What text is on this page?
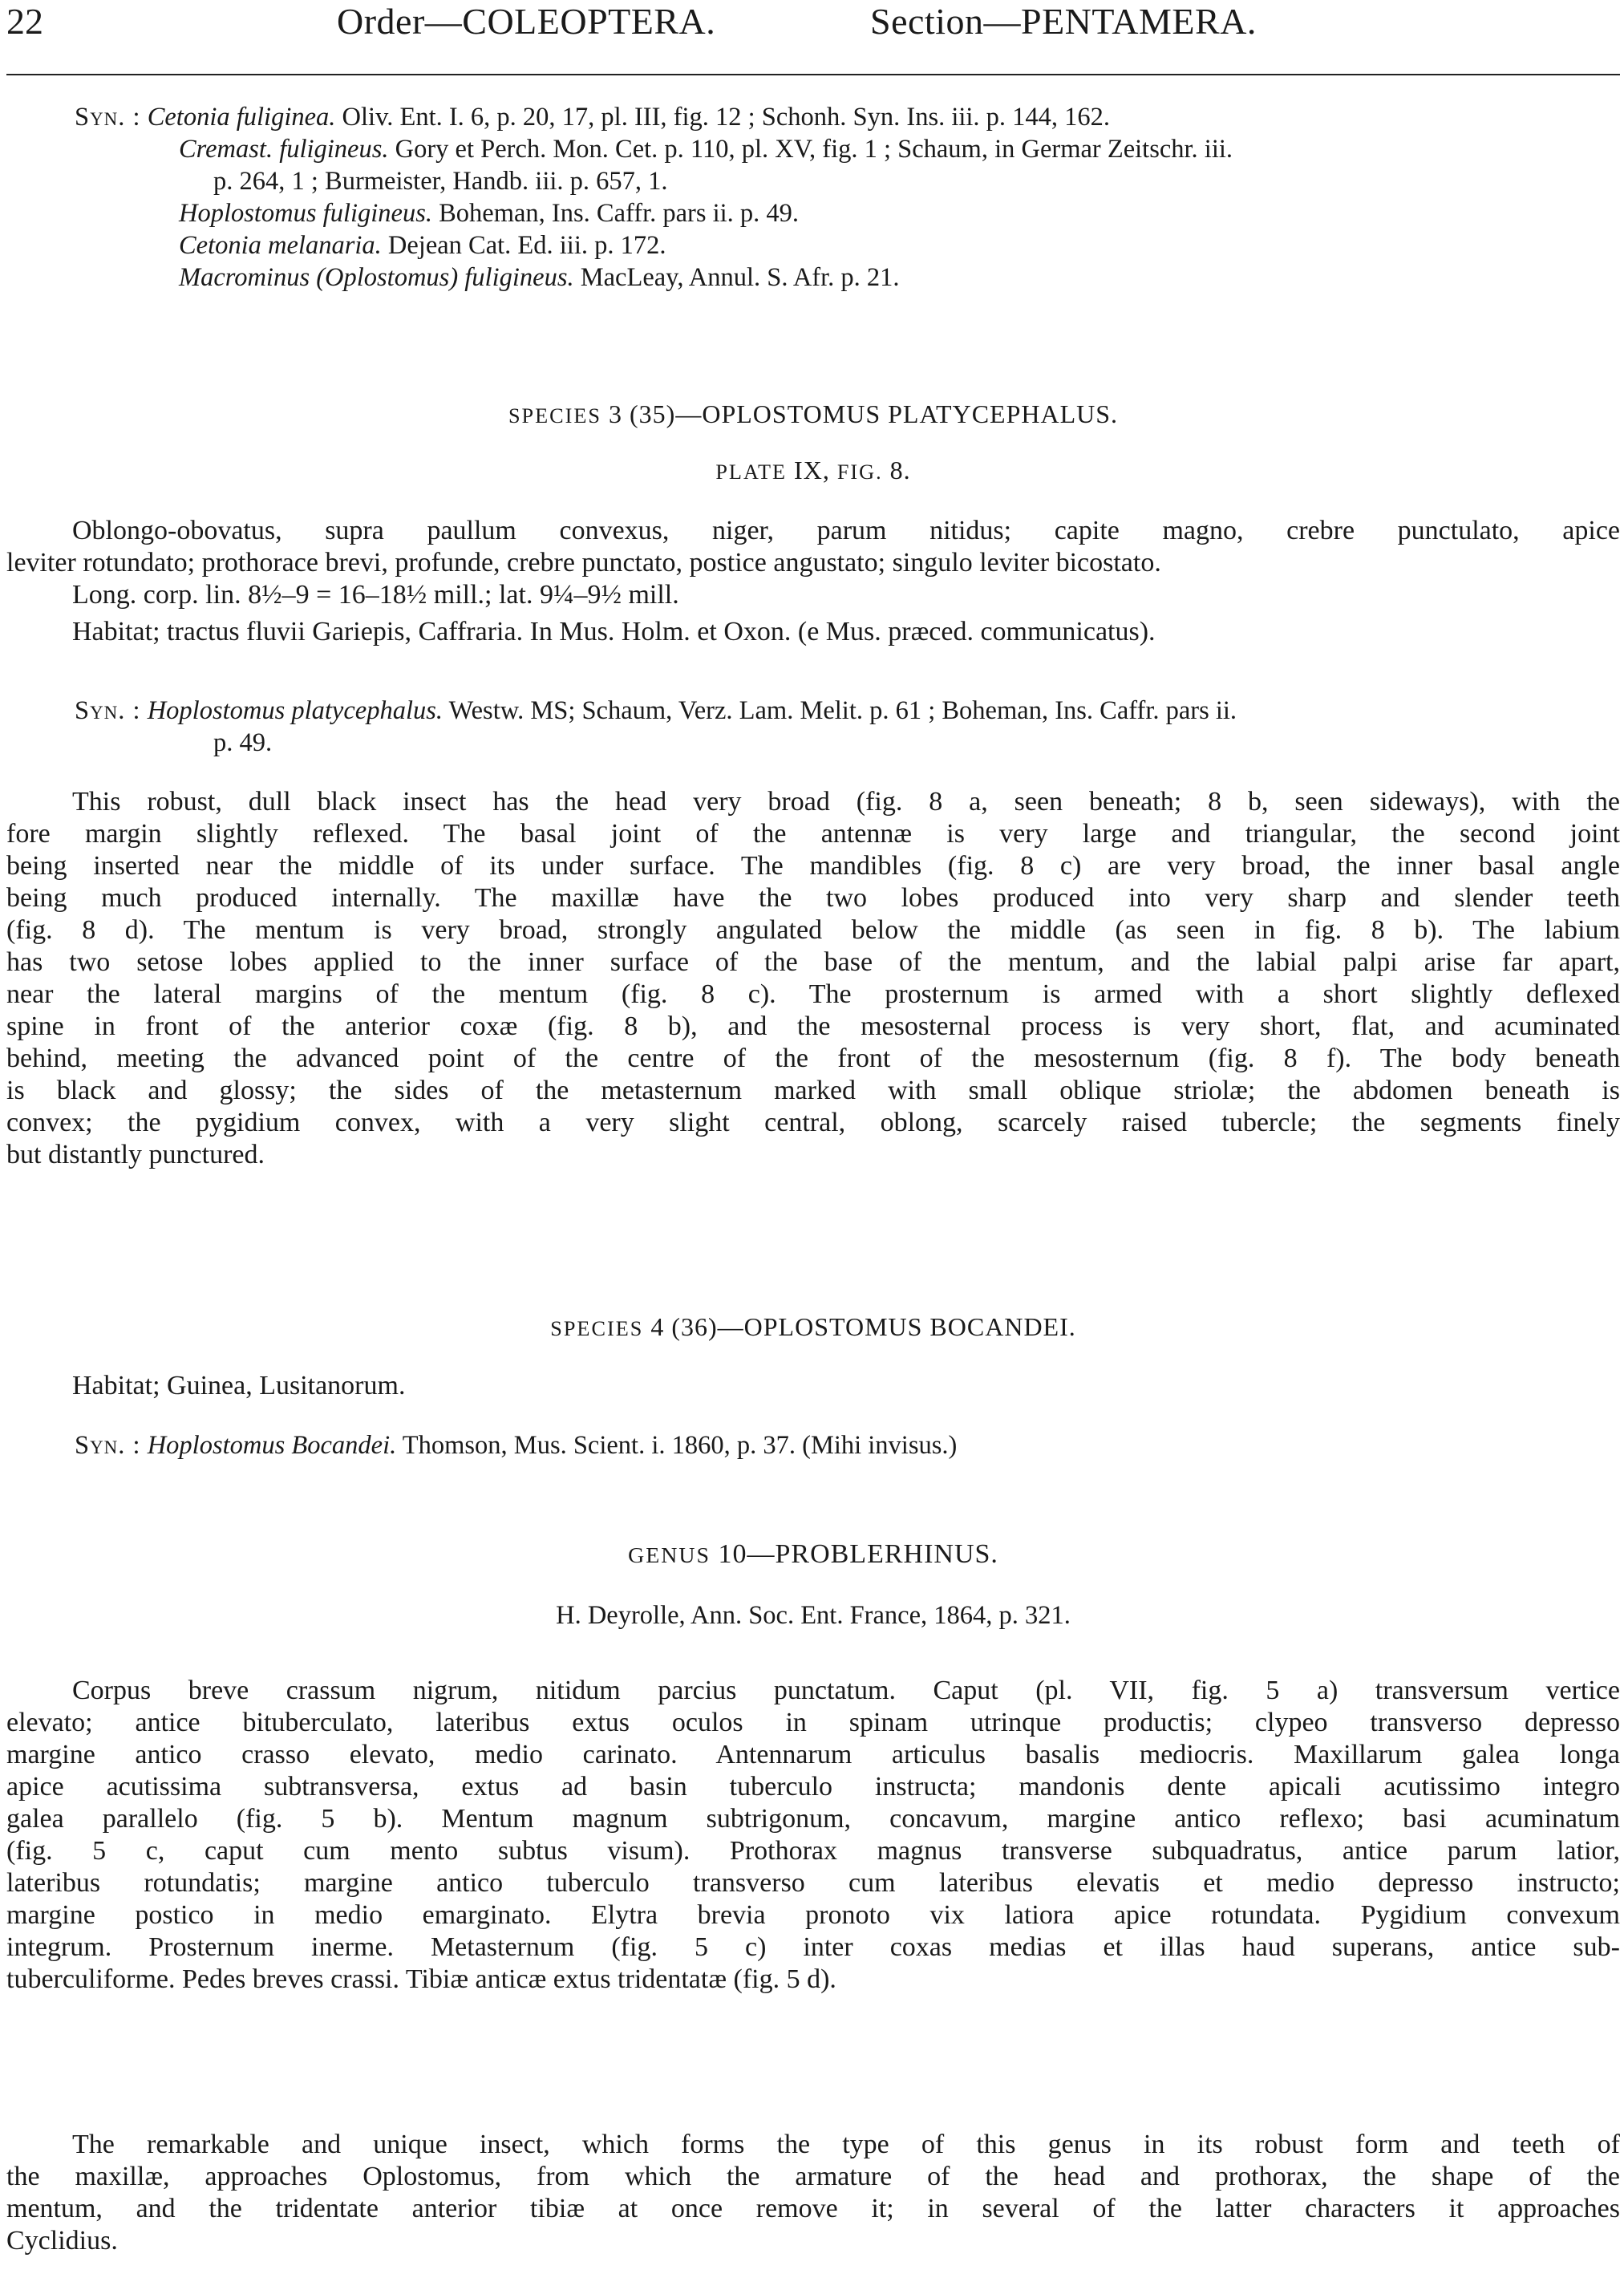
22	Order—COLEOPTERA.	Section—PENTAMERA.
Syn. : Cetonia fuliginea. Oliv. Ent. I. 6, p. 20, 17, pl. III, fig. 12 ; Schonh. Syn. Ins. iii. p. 144, 162.
Cremast. fuligineus. Gory et Perch. Mon. Cet. p. 110, pl. XV, fig. 1 ; Schaum, in Germar Zeitschr. iii.
p. 264, 1 ; Burmeister, Handb. iii. p. 657, 1.
Hoplostomus fuligineus. Boheman, Ins. Caffr. pars ii. p. 49.
Cetonia melanaria. Dejean Cat. Ed. iii. p. 172.
Macrominus (Oplostomus) fuligineus. MacLeay, Annul. S. Afr. p. 21.
SPECIES 3 (35)—OPLOSTOMUS PLATYCEPHALUS.
PLATE IX, FIG. 8.
Oblongo-obovatus, supra paullum convexus, niger, parum nitidus; capite magno, crebre punctulato, apice
leviter rotundato; prothorace brevi, profunde, crebre punctato, postice angustato; singulo leviter bicostato.
Long. corp. lin. 8½–9 = 16–18½ mill.; lat. 9¼–9½ mill.
Habitat; tractus fluvii Gariepis, Caffraria. In Mus. Holm. et Oxon. (e Mus. præced. communicatus).
Syn. : Hoplostomus platycephalus. Westw. MS; Schaum, Verz. Lam. Melit. p. 61 ; Boheman, Ins. Caffr. pars ii.
p. 49.
This robust, dull black insect has the head very broad (fig. 8 a, seen beneath; 8 b, seen sideways), with the
fore margin slightly reflexed. The basal joint of the antennæ is very large and triangular, the second joint
being inserted near the middle of its under surface. The mandibles (fig. 8 c) are very broad, the inner basal angle
being much produced internally. The maxillæ have the two lobes produced into very sharp and slender teeth
(fig. 8 d). The mentum is very broad, strongly angulated below the middle (as seen in fig. 8 b). The labium
has two setose lobes applied to the inner surface of the base of the mentum, and the labial palpi arise far apart,
near the lateral margins of the mentum (fig. 8 c). The prosternum is armed with a short slightly deflexed
spine in front of the anterior coxæ (fig. 8 b), and the mesosternal process is very short, flat, and acuminated
behind, meeting the advanced point of the centre of the front of the mesosternum (fig. 8 f). The body beneath
is black and glossy; the sides of the metasternum marked with small oblique striolæ; the abdomen beneath is
convex; the pygidium convex, with a very slight central, oblong, scarcely raised tubercle; the segments finely
but distantly punctured.
SPECIES 4 (36)—OPLOSTOMUS BOCANDEI.
Habitat; Guinea, Lusitanorum.
Syn. : Hoplostomus Bocandei. Thomson, Mus. Scient. i. 1860, p. 37. (Mihi invisus.)
GENUS 10—PROBLERHINUS.
H. Deyrolle, Ann. Soc. Ent. France, 1864, p. 321.
Corpus breve crassum nigrum, nitidum parcius punctatum. Caput (pl. VII, fig. 5 a) transversum vertice
elevato; antice bituberculato, lateribus extus oculos in spinam utrinque productis; clypeo transverso depresso
margine antico crasso elevato, medio carinato. Antennarum articulus basalis mediocris. Maxillarum galea longa
apice acutissima subtransversa, extus ad basin tuberculo instructa; mandonis dente apicali acutissimo integro
galea parallelo (fig. 5 b). Mentum magnum subtrigonum, concavum, margine antico reflexo; basi acuminatum
(fig. 5 c, caput cum mento subtus visum). Prothorax magnus transverse subquadratus, antice parum latior,
lateribus rotundatis; margine antico tuberculo transverso cum lateribus elevatis et medio depresso instructo;
margine postico in medio emarginato. Elytra brevia pronoto vix latiora apice rotundata. Pygidium convexum
integrum. Prosternum inerme. Metasternum (fig. 5 c) inter coxas medias et illas haud superans, antice sub-
tuberculiforme. Pedes breves crassi. Tibiæ anticæ extus tridentatæ (fig. 5 d).
The remarkable and unique insect, which forms the type of this genus in its robust form and teeth of
the maxillæ, approaches Oplostomus, from which the armature of the head and prothorax, the shape of the
mentum, and the tridentate anterior tibiæ at once remove it; in several of the latter characters it approaches
Cyclidius.
